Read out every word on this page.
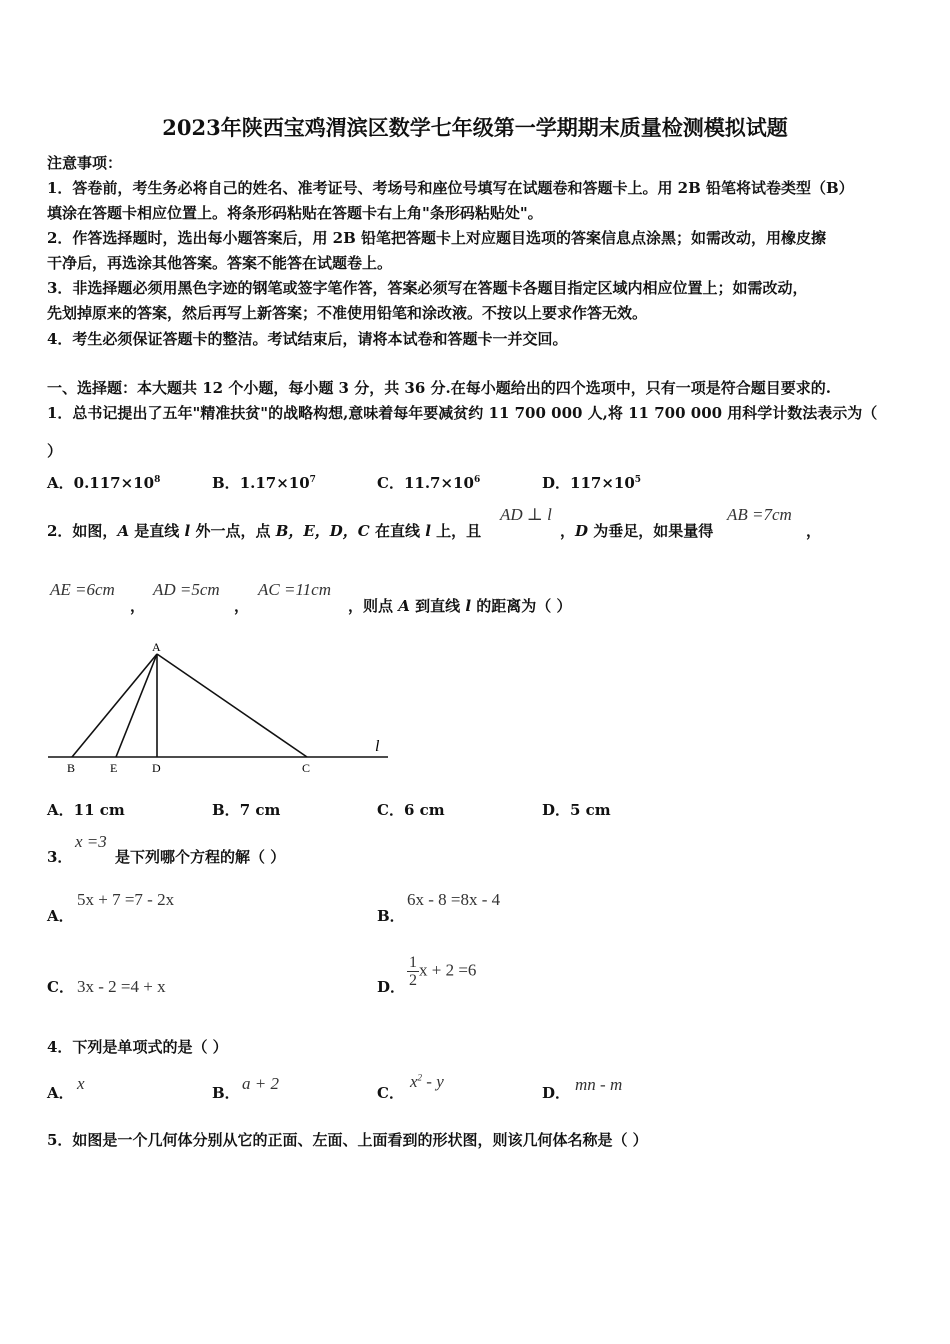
2023年陕西宝鸡渭滨区数学七年级第一学期期末质量检测模拟试题
注意事项：
1．答卷前，考生务必将自己的姓名、准考证号、考场号和座位号填写在试题卷和答题卡上。用 2B 铅笔将试卷类型（B）
填涂在答题卡相应位置上。将条形码粘贴在答题卡右上角"条形码粘贴处"。
2．作答选择题时，选出每小题答案后，用 2B 铅笔把答题卡上对应题目选项的答案信息点涂黑；如需改动，用橡皮擦
干净后，再选涂其他答案。答案不能答在试题卷上。
3．非选择题必须用黑色字迹的钢笔或签字笔作答，答案必须写在答题卡各题目指定区域内相应位置上；如需改动，
先划掉原来的答案，然后再写上新答案；不准使用铅笔和涂改液。不按以上要求作答无效。
4．考生必须保证答题卡的整洁。考试结束后，请将本试卷和答题卡一并交回。
一、选择题：本大题共 12 个小题，每小题 3 分，共 36 分.在每小题给出的四个选项中，只有一项是符合题目要求的.
1．总书记提出了五年"精准扶贫"的战略构想,意味着每年要减贫约 11 700 000 人,将 11 700 000 用科学计数法表示为（
）
A．$0.117\times 10^8$	B．$1.17\times 10^7$	C．$11.7\times 10^6$	D．$117\times 10^5$
2．如图，A 是直线 l 外一点，点 B，E，D，C 在直线 l 上，且
AD ⊥ l
，D 为垂足，如果量得
AB =7cm
，
AE =6cm
，
AD =5cm
，
AC =11cm
，则点 A 到直线 l 的距离为（ ）
A
B	E	D	C
l
A．11 cm	B．7 cm	C．6 cm	D．5 cm
3．
x =3
是下列哪个方程的解（ ）
A．
5x + 7 =7 - 2x
B．
6x - 8 =8x - 4
C． 3x - 2 =4 + x	D． $\frac{1}{2}$ x + 2 =6
4．下列是单项式的是（ ）
A． x	B． a + 2	C．
$x^2$ - y
D． mn - m
5．如图是一个几何体分别从它的正面、左面、上面看到的形状图，则该几何体名称是（ ）
